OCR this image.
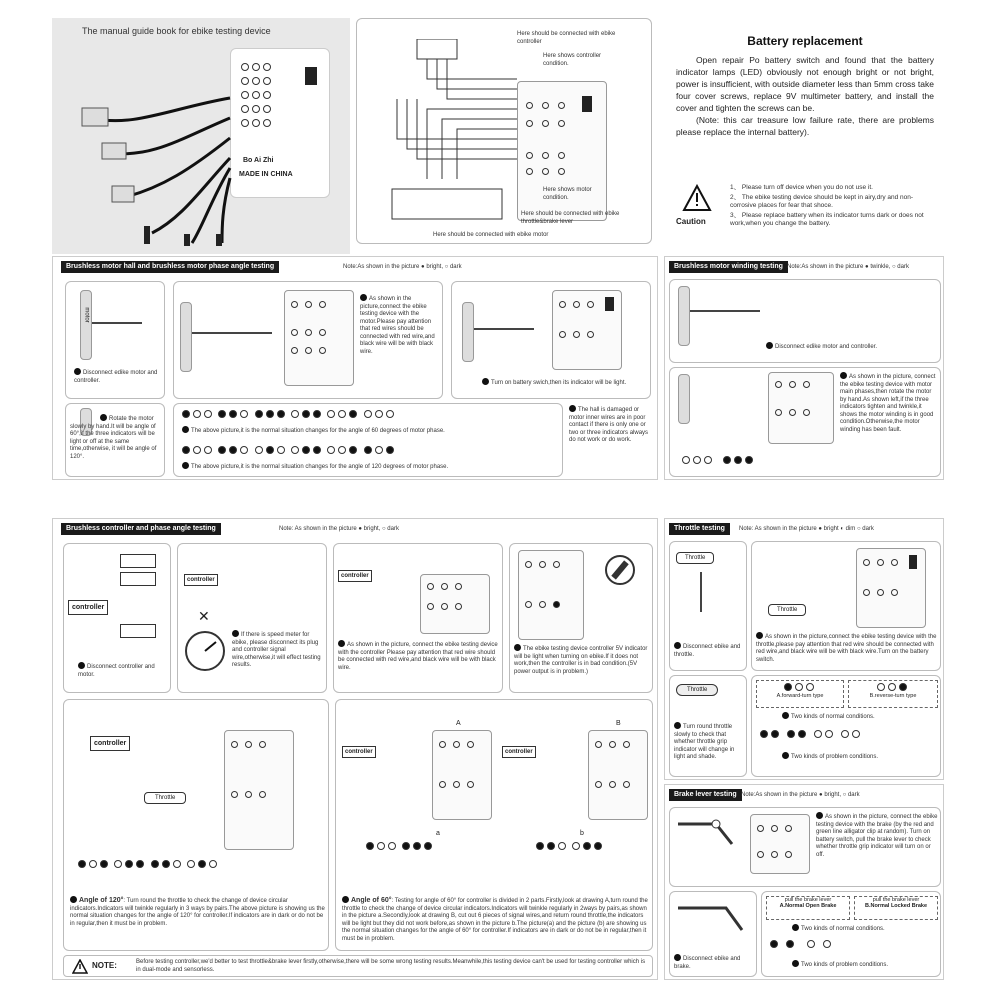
The manual guide book for ebike testing device
Bo Ai Zhi
MADE IN CHINA
Here should be connected with ebike controller
Here shows controller condition.
Here shows motor condition.
Here should be connected with ebike throttle&brake lever
Here should be connected with ebike motor
Battery replacement

Open repair Po battery switch and found that the battery indicator lamps (LED) obviously not enough bright or not bright, power is insufficient, with outside diameter less than 5mm cross take four cover screws, replace 9V multimeter battery, and install the cover and tighten the screws can be.

(Note: this car treasure low failure rate, there are problems please replace the internal battery).

Caution
1、 Please turn off device when you do not use it.
2、 The ebike testing device should be kept in airy,dry and non-corrosive places for fear that shoce.
3、 Please replace battery when its indicator turns dark or does not work,when you change the battery.
Brushless motor hall and brushless motor phase angle testing	Note:As shown in the picture ● bright, ○ dark
motor
Disconnect edike motor and controller.
As shown in the picture,connect the ebike testing device with the motor.Please pay attention that red wires should be connected with red wire,and black wire will be with black wire.
Turn on battery swich,then its indicator will be light.
Rotate the motor slowly by hand.It will be angle of 60°,if the three indicators will be light or off at the same time,otherwise, it will be angle of 120°.

The above picture,it is the normal situation changes for the angle of 60 degrees of motor phase.

The above picture,it is the normal situation changes for the angle of 120 degrees of motor phase.
The hall is damaged or motor inner wires are in poor contact if there is only one or two or three indicators always do not work or do work.
Brushless motor winding testing Note:As shown in the picture ● twinkle, ○ dark
Disconnect edike motor and controller.

As shown in the picture, connect the ebike testing device with motor main phases,then rotate the motor by hand.As shown left,if the three indicators tighten and twinkle,it shows the motor winding is in good condition.Otherwise,the motor winding has been fault.
Brushless controller and phase angle testing	Note: As shown in the picture ● bright, ○ dark
controller
Disconnect controller and motor.
controller
✕
If there is speed meter for ebike, please disconnect its plug and controller signal wire,otherwise,it will effect testing results.
controller
As shown in the picture, connect the ebike testing device with the controller Please pay attention that red wire should be connected with red wire,and black wire will be with black wire.
The ebike testing device controller 5V indicator will be light when turning on ebike.If it does not work,then the controller is in bad condition.(5V power output is in problem.)
controller
Throttle

Angle of 120°: Turn round the throttle to check the change of device circular indicators.Indicators will twinkle regularly in 3 ways by pairs.The above picture is showing us the normal situation changes for the angle of 120° for controller.If indicators are in dark or do not be in regular,then it must be in problem.
A	B
controller	controller
a	b

Angle of 60°: Testing for angle of 60° for controller is divided in 2 parts.Firstly,look at drawing A,turn round the throttle to check the change of device circular indicators.Indicators will twinkle regularly in 2ways by pairs,as shown in the picture a.Secondly,look at drawing B, cut out 6 pieces of signal wires,and return round throttle,the indicators will be light but they did not work before,as shown in the picture b.The picture(a) and the picture (b) are showing us the normal situation changes for the angle of 60° for controller.If indicators are in dark or do not be in regular,then it must be in problem.
NOTE:	Before testing controller,we'd better to test throttle&brake lever firstly,otherwise,there will be some wrong testing results.Meanwhile,this testing device can't be used for testing controller which is in dual-mode and sensorless.
Throttle testing	Note: As shown in the picture ● bright ◐ dim ○ dark
Throttle
Disconnect ebike and throttle.
Throttle
As shown in the picture,connect the ebike testing device with the throttle,please pay attention that red wire should be connected with red wire,and black wire will be with black wire.Turn on the battery switch.
Throttle
Turn round throttle slowly to check that whether throttle grip indicator will change in light and shade.
A.forward-turn type	B.reverse-turn type
Two kinds of normal conditions.

Two kinds of problem conditions.
Brake lever testing Note:As shown in the picture ● bright, ○ dark
As shown in the picture, connect the ebike testing device with the brake (by the red and green line alligator clip at random). Turn on battery switch, pull the brake lever to check whether throttle grip indicator will turn on or off.
Disconnect ebike and brake.
pull the brake lever
A.Normal Open Brake
pull the brake lever
B.Normal Locked Brake
Two kinds of normal conditions.

Two kinds of problem conditions.
